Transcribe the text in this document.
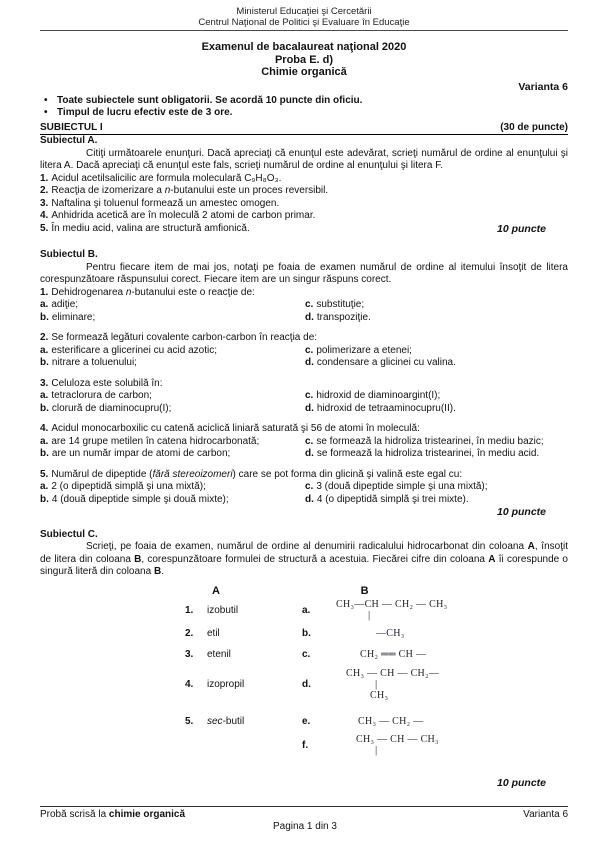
Ministerul Educaţiei şi Cercetării
Centrul Naţional de Politici şi Evaluare în Educaţie
Examenul de bacalaureat naţional 2020
Proba E. d)
Chimie organică
Varianta 6
• Toate subiectele sunt obligatorii. Se acordă 10 puncte din oficiu.
• Timpul de lucru efectiv este de 3 ore.
SUBIECTUL I	(30 de puncte)
Subiectul A.

Citiţi următoarele enunţuri. Dacă apreciaţi că enunţul este adevărat, scrieţi numărul de ordine al enunţului şi litera A. Dacă apreciaţi că enunţul este fals, scrieţi numărul de ordine al enunţului şi litera F.

1. Acidul acetilsalicilic are formula moleculară C₉H₈O₃.
2. Reacţia de izomerizare a n-butanului este un proces reversibil.
3. Naftalina şi toluenul formează un amestec omogen.
4. Anhidrida acetică are în moleculă 2 atomi de carbon primar.
5. În mediu acid, valina are structură amfionică.	10 puncte
Subiectul B.

Pentru fiecare item de mai jos, notaţi pe foaia de examen numărul de ordine al itemului însoţit de litera corespunzătoare răspunsului corect. Fiecare item are un singur răspuns corect.

1. Dehidrogenarea n-butanului este o reacţie de:
a. adiţie;	c. substituţie;
b. eliminare;	d. transpoziţie.
2. Se formează legături covalente carbon-carbon în reacţia de:
a. esterificare a glicerinei cu acid azotic;	c. polimerizare a etenei;
b. nitrare a toluenului;	d. condensare a glicinei cu valina.
3. Celuloza este solubilă în:
a. tetraclorura de carbon;	c. hidroxid de diaminoargint(I);
b. clorură de diaminocupru(I);	d. hidroxid de tetraaminocupru(II).
4. Acidul monocarboxilic cu catenă aciclică liniară saturată şi 56 de atomi în moleculă:
a. are 14 grupe metilen în catena hidrocarbonată;	c. se formează la hidroliza tristearinei, în mediu bazic;
b. are un număr impar de atomi de carbon;	d. se formează la hidroliza tristearinei, în mediu acid.
5. Numărul de dipeptide (fără stereoizomeri) care se pot forma din glicină şi valină este egal cu:
a. 2 (o dipeptidă simplă şi una mixtă);	c. 3 (două dipeptide simple şi una mixtă);
b. 4 (două dipeptide simple şi două mixte);	d. 4 (o dipeptidă simplă şi trei mixte).
10 puncte
Subiectul C.

Scrieţi, pe foaia de examen, numărul de ordine al denumirii radicalului hidrocarbonat din coloana A, însoţit de litera din coloana B, corespunzătoare formulei de structură a acestuia. Fiecărei cifre din coloana A îi corespunde o singură literă din coloana B.

A	B
1.	izobutil	a.
CH₃—CH — CH₂ — CH₃
|
2.	etil	b.	—CH₃
3.	etenil	c.	CH₂ ══ CH —
4.	izopropil	d.
CH₃ — CH — CH₂—
|
CH₃
5.	sec-butil	e.	CH₃ — CH₂ —
f.
CH₃ — CH — CH₃
|
10 puncte
Probă scrisă la chimie organică	Varianta 6
Pagina 1 din 3
